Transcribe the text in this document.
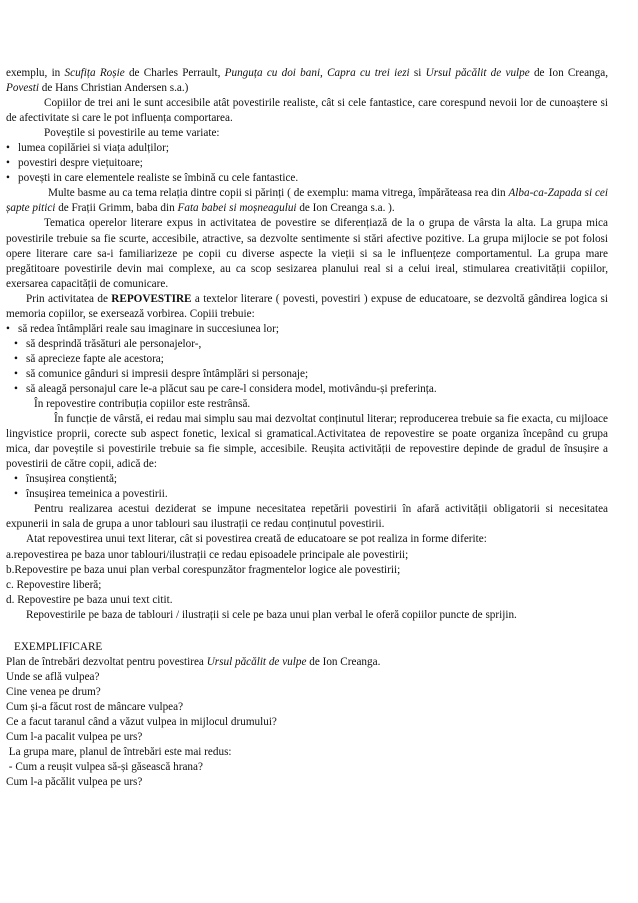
exemplu, in Scufița Roșie de Charles Perrault, Punguța cu doi bani, Capra cu trei iezi si Ursul păcălit de vulpe de Ion Creanga, Povesti de Hans Christian Andersen s.a.)

Copiilor de trei ani le sunt accesibile atât povestirile realiste, cât si cele fantastice, care corespund nevoii lor de cunoaștere si de afectivitate si care le pot influența comportarea.

Poveștile si povestirile au teme variate:

• lumea copilăriei si viața adulților;

• povestiri despre viețuitoare;

• povești in care elementele realiste se îmbină cu cele fantastice.

Multe basme au ca tema relația dintre copii si părinți ( de exemplu: mama vitrega, împărăteasa rea din Alba-ca-Zapada si cei șapte pitici de Frații Grimm, baba din Fata babei si moșneagului de Ion Creanga s.a. ).

Tematica operelor literare expus in activitatea de povestire se diferențiază de la o grupa de vârsta la alta. La grupa mica povestirile trebuie sa fie scurte, accesibile, atractive, sa dezvolte sentimente si stări afective pozitive. La grupa mijlocie se pot folosi opere literare care sa-i familiarizeze pe copii cu diverse aspecte la vieții si sa le influențeze comportamentul. La grupa mare pregătitoare povestirile devin mai complexe, au ca scop sesizarea planului real si a celui ireal, stimularea creativității copiilor, exersarea capacității de comunicare.

Prin activitatea de REPOVESTIRE a textelor literare ( povesti, povestiri ) expuse de educatoare, se dezvoltă gândirea logica si memoria copiilor, se exersează vorbirea. Copiii trebuie:

• să redea întâmplări reale sau imaginare in succesiunea lor;

• să desprindă trăsături ale personajelor-,

• să aprecieze fapte ale acestora;

• să comunice gânduri si impresii despre întâmplări si personaje;

• să aleagă personajul care le-a plăcut sau pe care-l considera model, motivându-și preferința.

În repovestire contribuția copiilor este restrânsă.

În funcție de vârstă, ei redau mai simplu sau mai dezvoltat conținutul literar; reproducerea trebuie sa fie exacta, cu mijloace lingvistice proprii, corecte sub aspect fonetic, lexical si gramatical.Activitatea de repovestire se poate organiza începând cu grupa mica, dar poveștile si povestirile trebuie sa fie simple, accesibile. Reușita activității de repovestire depinde de gradul de însușire a povestirii de către copii, adică de:

• însușirea conștientă;

• însușirea temeinica a povestirii.

Pentru realizarea acestui deziderat se impune necesitatea repetării povestirii în afară activității obligatorii si necesitatea expunerii in sala de grupa a unor tablouri sau ilustrații ce redau conținutul povestirii.

Atat repovestirea unui text literar, cât si povestirea creată de educatoare se pot realiza in forme diferite:

a.repovestirea pe baza unor tablouri/ilustrații ce redau episoadele principale ale povestirii;

b.Repovestire pe baza unui plan verbal corespunzător fragmentelor logice ale povestirii;

c. Repovestire liberă;

d. Repovestire pe baza unui text citit.

Repovestirile pe baza de tablouri / ilustrații si cele pe baza unui plan verbal le oferă copiilor puncte de sprijin.

EXEMPLIFICARE

Plan de întrebări dezvoltat pentru povestirea Ursul păcălit de vulpe de Ion Creanga.

Unde se află vulpea?

Cine venea pe drum?

Cum și-a făcut rost de mâncare vulpea?

Ce a facut taranul când a văzut vulpea in mijlocul drumului?

Cum l-a pacalit vulpea pe urs?

La grupa mare, planul de întrebări este mai redus:

- Cum a reușit vulpea să-și găsească hrana?

Cum l-a păcălit vulpea pe urs?
